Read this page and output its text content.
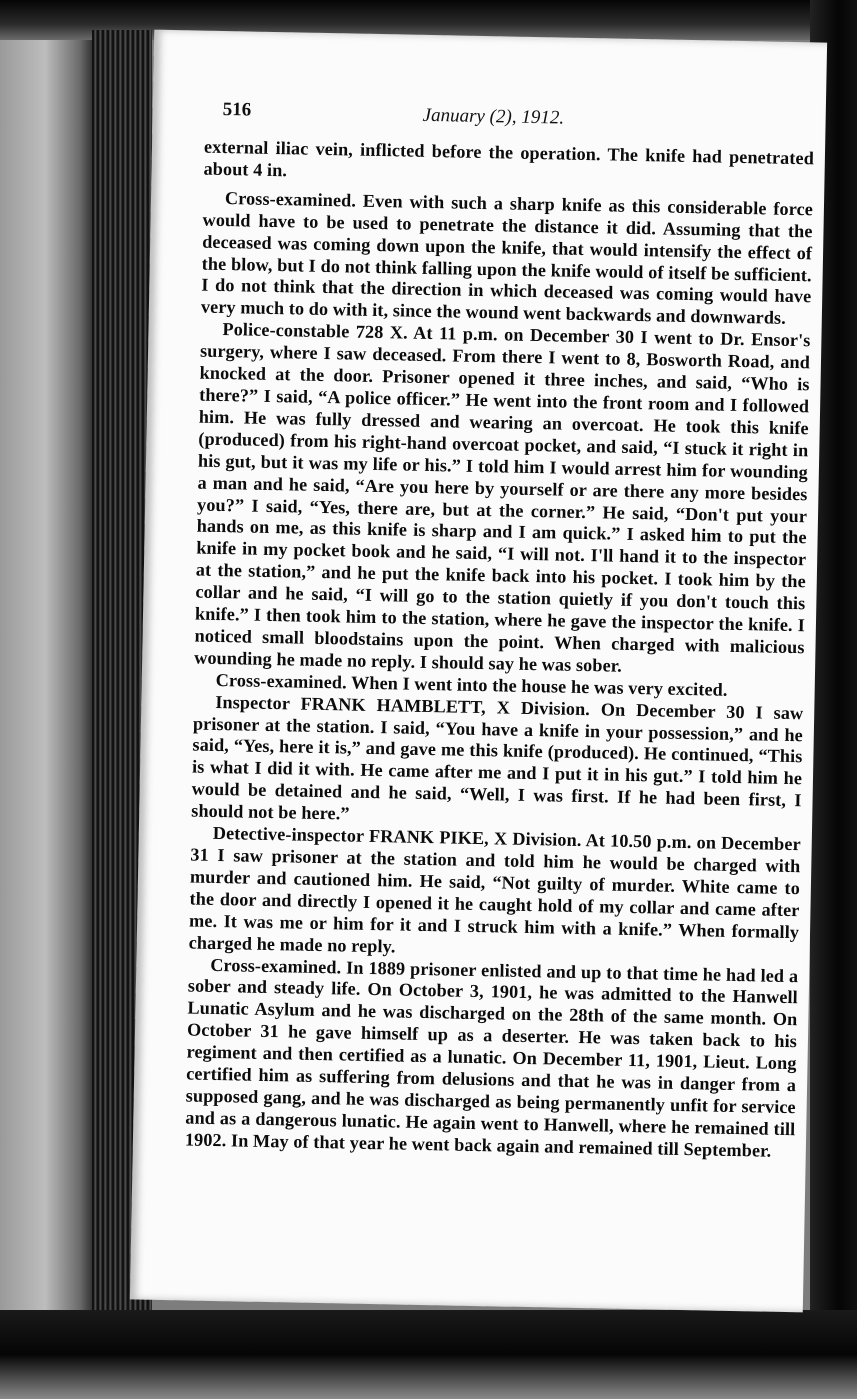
516	January (2), 1912.

external iliac vein, inflicted before the operation. The knife had penetrated about 4 in.

Cross-examined. Even with such a sharp knife as this considerable force would have to be used to penetrate the distance it did. Assuming that the deceased was coming down upon the knife, that would intensify the effect of the blow, but I do not think falling upon the knife would of itself be sufficient. I do not think that the direction in which deceased was coming would have very much to do with it, since the wound went backwards and downwards.

Police-constable 728 X. At 11 p.m. on December 30 I went to Dr. Ensor's surgery, where I saw deceased. From there I went to 8, Bosworth Road, and knocked at the door. Prisoner opened it three inches, and said, “Who is there?” I said, “A police officer.” He went into the front room and I followed him. He was fully dressed and wearing an overcoat. He took this knife (produced) from his right-hand overcoat pocket, and said, “I stuck it right in his gut, but it was my life or his.” I told him I would arrest him for wounding a man and he said, “Are you here by yourself or are there any more besides you?” I said, “Yes, there are, but at the corner.” He said, “Don't put your hands on me, as this knife is sharp and I am quick.” I asked him to put the knife in my pocket book and he said, “I will not. I'll hand it to the inspector at the station,” and he put the knife back into his pocket. I took him by the collar and he said, “I will go to the station quietly if you don't touch this knife.” I then took him to the station, where he gave the inspector the knife. I noticed small bloodstains upon the point. When charged with malicious wounding he made no reply. I should say he was sober.

Cross-examined. When I went into the house he was very excited.

Inspector FRANK HAMBLETT, X Division. On December 30 I saw prisoner at the station. I said, “You have a knife in your possession,” and he said, “Yes, here it is,” and gave me this knife (produced). He continued, “This is what I did it with. He came after me and I put it in his gut.” I told him he would be detained and he said, “Well, I was first. If he had been first, I should not be here.”

Detective-inspector FRANK PIKE, X Division. At 10.50 p.m. on December 31 I saw prisoner at the station and told him he would be charged with murder and cautioned him. He said, “Not guilty of murder. White came to the door and directly I opened it he caught hold of my collar and came after me. It was me or him for it and I struck him with a knife.” When formally charged he made no reply.

Cross-examined. In 1889 prisoner enlisted and up to that time he had led a sober and steady life. On October 3, 1901, he was admitted to the Hanwell Lunatic Asylum and he was discharged on the 28th of the same month. On October 31 he gave himself up as a deserter. He was taken back to his regiment and then certified as a lunatic. On December 11, 1901, Lieut. Long certified him as suffering from delusions and that he was in danger from a supposed gang, and he was discharged as being permanently unfit for service and as a dangerous lunatic. He again went to Hanwell, where he remained till 1902. In May of that year he went back again and remained till September.
